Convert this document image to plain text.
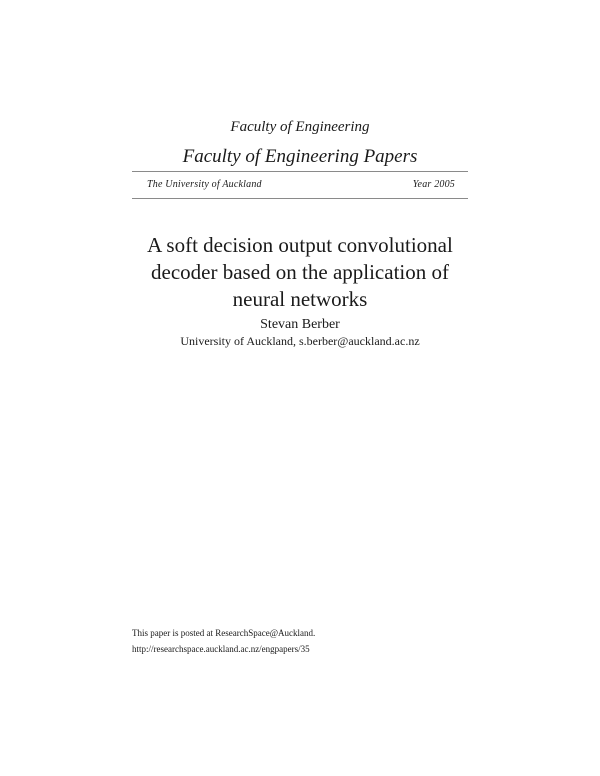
Faculty of Engineering
Faculty of Engineering Papers
The University of Auckland	Year 2005
A soft decision output convolutional
decoder based on the application of
neural networks
Stevan Berber
University of Auckland, s.berber@auckland.ac.nz
This paper is posted at ResearchSpace@Auckland.
http://researchspace.auckland.ac.nz/engpapers/35
